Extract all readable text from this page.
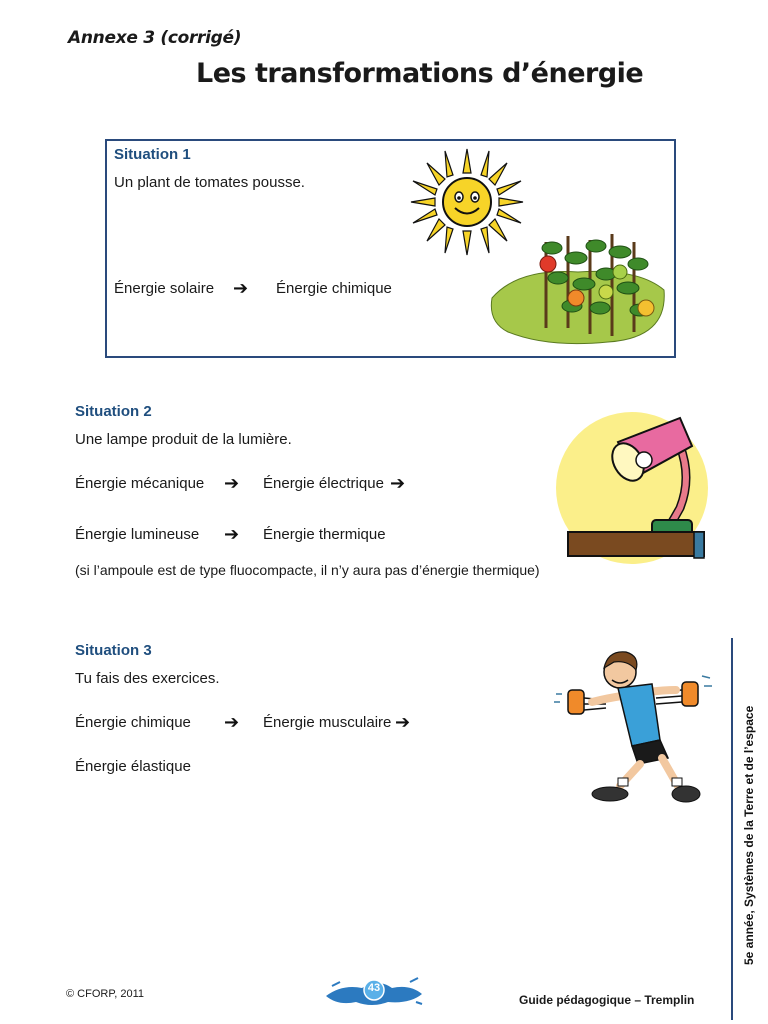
Annexe 3 (corrigé)
Les transformations d’énergie
Situation 1
Un plant de tomates pousse.
Énergie solaire ➔ Énergie chimique
Situation 2
Une lampe produit de la lumière.
Énergie mécanique ➔ Énergie électrique ➔
Énergie lumineuse ➔ Énergie thermique
(si l’ampoule est de type fluocompacte, il n’y aura pas d’énergie thermique)
Situation 3
Tu fais des exercices.
Énergie chimique ➔ Énergie musculaire ➔
Énergie élastique	5e année, Systèmes de la Terre et de l’espace
© CFORP, 2011	43
Guide pédagogique – Tremplin
